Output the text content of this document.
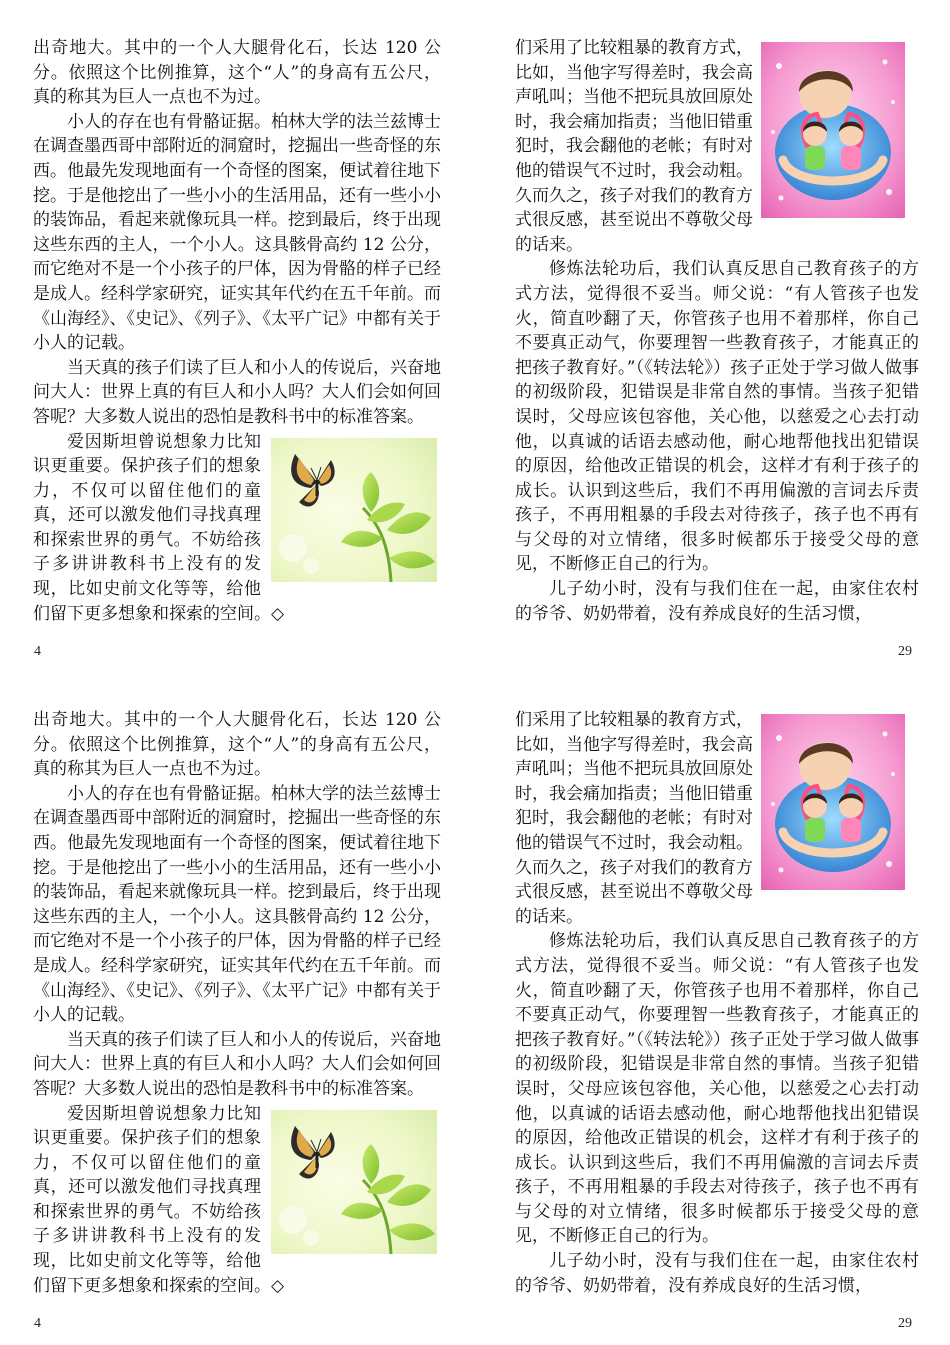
出奇地大。其中的一个人大腿骨化石，长达 120 公分。依照这个比例推算，这个“人”的身高有五公尺，真的称其为巨人一点也不为过。

小人的存在也有骨骼证据。柏林大学的法兰兹博士在调查墨西哥中部附近的洞窟时，挖掘出一些奇怪的东西。他最先发现地面有一个奇怪的图案，便试着往地下挖。于是他挖出了一些小小的生活用品，还有一些小小的装饰品，看起来就像玩具一样。挖到最后，终于出现这些东西的主人，一个小人。这具骸骨高约 12 公分，而它绝对不是一个小孩子的尸体，因为骨骼的样子已经是成人。经科学家研究，证实其年代约在五千年前。而《山海经》、《史记》、《列子》、《太平广记》中都有关于小人的记载。

当天真的孩子们读了巨人和小人的传说后，兴奋地问大人：世界上真的有巨人和小人吗？大人们会如何回答呢？大多数人说出的恐怕是教科书中的标准答案。

爱因斯坦曾说想象力比知识更重要。保护孩子们的想象力，不仅可以留住他们的童真，还可以激发他们寻找真理和探索世界的勇气。不妨给孩子多讲讲教科书上没有的发现，比如史前文化等等，给他们留下更多想象和探索的空间。◇

4

们采用了比较粗暴的教育方式，比如，当他字写得差时，我会高声吼叫；当他不把玩具放回原处时，我会痛加指责；当他旧错重犯时，我会翻他的老帐；有时对他的错误气不过时，我会动粗。久而久之，孩子对我们的教育方式很反感，甚至说出不尊敬父母的话来。

修炼法轮功后，我们认真反思自己教育孩子的方式方法，觉得很不妥当。师父说：“有人管孩子也发火，简直吵翻了天，你管孩子也用不着那样，你自己不要真正动气，你要理智一些教育孩子，才能真正的把孩子教育好。”（《转法轮》）孩子正处于学习做人做事的初级阶段，犯错误是非常自然的事情。当孩子犯错误时，父母应该包容他，关心他，以慈爱之心去打动他，以真诚的话语去感动他，耐心地帮他找出犯错误的原因，给他改正错误的机会，这样才有利于孩子的成长。认识到这些后，我们不再用偏激的言词去斥责孩子，不再用粗暴的手段去对待孩子，孩子也不再有与父母的对立情绪，很多时候都乐于接受父母的意见，不断修正自己的行为。

儿子幼小时，没有与我们住在一起，由家住农村的爷爷、奶奶带着，没有养成良好的生活习惯，

29

出奇地大。其中的一个人大腿骨化石，长达 120 公分。依照这个比例推算，这个“人”的身高有五公尺，真的称其为巨人一点也不为过。

小人的存在也有骨骼证据。柏林大学的法兰兹博士在调查墨西哥中部附近的洞窟时，挖掘出一些奇怪的东西。他最先发现地面有一个奇怪的图案，便试着往地下挖。于是他挖出了一些小小的生活用品，还有一些小小的装饰品，看起来就像玩具一样。挖到最后，终于出现这些东西的主人，一个小人。这具骸骨高约 12 公分，而它绝对不是一个小孩子的尸体，因为骨骼的样子已经是成人。经科学家研究，证实其年代约在五千年前。而《山海经》、《史记》、《列子》、《太平广记》中都有关于小人的记载。

当天真的孩子们读了巨人和小人的传说后，兴奋地问大人：世界上真的有巨人和小人吗？大人们会如何回答呢？大多数人说出的恐怕是教科书中的标准答案。

爱因斯坦曾说想象力比知识更重要。保护孩子们的想象力，不仅可以留住他们的童真，还可以激发他们寻找真理和探索世界的勇气。不妨给孩子多讲讲教科书上没有的发现，比如史前文化等等，给他们留下更多想象和探索的空间。◇

4

们采用了比较粗暴的教育方式，比如，当他字写得差时，我会高声吼叫；当他不把玩具放回原处时，我会痛加指责；当他旧错重犯时，我会翻他的老帐；有时对他的错误气不过时，我会动粗。久而久之，孩子对我们的教育方式很反感，甚至说出不尊敬父母的话来。

修炼法轮功后，我们认真反思自己教育孩子的方式方法，觉得很不妥当。师父说：“有人管孩子也发火，简直吵翻了天，你管孩子也用不着那样，你自己不要真正动气，你要理智一些教育孩子，才能真正的把孩子教育好。”（《转法轮》）孩子正处于学习做人做事的初级阶段，犯错误是非常自然的事情。当孩子犯错误时，父母应该包容他，关心他，以慈爱之心去打动他，以真诚的话语去感动他，耐心地帮他找出犯错误的原因，给他改正错误的机会，这样才有利于孩子的成长。认识到这些后，我们不再用偏激的言词去斥责孩子，不再用粗暴的手段去对待孩子，孩子也不再有与父母的对立情绪，很多时候都乐于接受父母的意见，不断修正自己的行为。

儿子幼小时，没有与我们住在一起，由家住农村的爷爷、奶奶带着，没有养成良好的生活习惯，

29
